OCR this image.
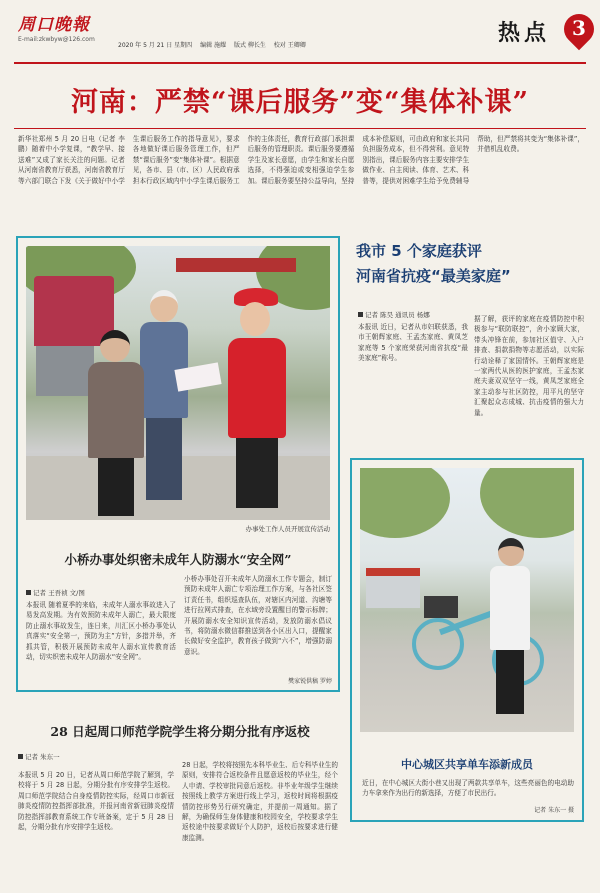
周口晚報
E-mail:zkwbyw@126.com
2020 年 5 月 21 日 星期四 编辑 施耀 版式 柳长生 校对 王卿卿	热点	3
河南：严禁“课后服务”变“集体补课”
新华社郑州 5 月 20 日电（记者 李鹏）随着中小学复课，“教学早、接送难”又成了家长关注的问题。记者从河南省教育厅获悉，河南省教育厅等六部门联合下发《关于做好中小学生课后服务工作的指导意见》，要求各地做好课后服务管理工作，但严禁“课后服务”变“集体补课”。根据意见，各市、县（市、区）人民政府承担本行政区域内中小学生课后服务工作的主体责任，教育行政部门承担课后服务的管理职责。课后服务要遵循学生及家长意愿，由学生和家长自愿选择，不得强迫或变相强迫学生参加。课后服务要坚持公益导向，坚持成本补偿原则，可由政府和家长共同负担服务成本，但不得营利。意见特别指出，课后服务内容主要安排学生做作业、自主阅读、体育、艺术、科普等，提供对困难学生给予免费辅导帮助，但严禁将其变为“集体补课”，并借机乱收费。
办事处工作人员开展宣传活动
小桥办事处织密未成年人防溺水“安全网”
记者 王吾祯 文/图
本报讯 随着夏季的来临，未成年人溺水事故进入了易发高发期。为有效预防未成年人溺亡，最大限度防止溺水事故发生，连日来，川汇区小桥办事处认真落实“安全第一，预防为主”方针，多措并举，齐抓共管，积极开展预防未成年人溺水宣传教育活动，切实织密未成年人防溺水“安全网”。
小桥办事处召开未成年人防溺水工作专题会，制订预防未成年人溺亡专项治理工作方案，与各社区签订责任书，组织巡查队伍，对辖区内河道、沟塘等进行拉网式排查，在水域旁设置醒目的警示标牌；开展防溺水安全知识宣传活动，发放防溺水倡议书，将防溺水微信群推送到各小区出入口，提醒家长做好安全监护，教育孩子做到“六不”，增强防溺意识。
樊家锐供稿 罗婷
我市 5 个家庭获评
河南省抗疫“最美家庭”
记者 陈昊 通讯员 杨娜
本报讯 近日，记者从市妇联获悉，我市王朝辉家庭、王孟杰家庭、黄凤芝家庭等 5 个家庭荣获河南省抗疫“最美家庭”称号。
据了解，获评的家庭在疫情防控中积极参与“联防联控”，舍小家顾大家，带头冲锋在前，参加社区值守、入户排查、捐款捐物等志愿活动，以实际行动诠释了家国情怀。王朝辉家庭是一家两代从医的医护家庭，王孟杰家庭夫妻双双坚守一线，黄凤芝家庭全家主动参与社区防控，用平凡的坚守汇聚起众志成城、抗击疫情的强大力量。
中心城区共享单车添新成员
近日，在中心城区大街小巷又出现了两款共享单车，这些亮丽色的电动助力车拿来作为出行的新选择，方便了市民出行。
记者 朱东一 摄
28 日起周口师范学院学生将分期分批有序返校
记者 朱东一
本报讯 5 月 20 日，记者从周口师范学院了解到，学校将于 5 月 28 日起，分期分批有序安排学生返校。周口师范学院结合自身疫情防控实际，经周口市新冠肺炎疫情防控指挥部批准，并报河南省新冠肺炎疫情防控指挥部教育系统工作专班备案，定于 5 月 28 日起，分期分批有序安排学生返校。
28 日起，学校将按照先本科毕业生、后专科毕业生的原则，安排符合返校条件且愿意返校的毕业生，经个人申请、学校审批同意后返校。非毕业年级学生继续按照线上教学方案进行线上学习，返校时间将根据疫情防控形势另行研究确定，并提前一周通知。据了解，为确保师生身体健康和校园安全，学校要求学生返校途中按要求做好个人防护，返校后按要求进行健康监测。
